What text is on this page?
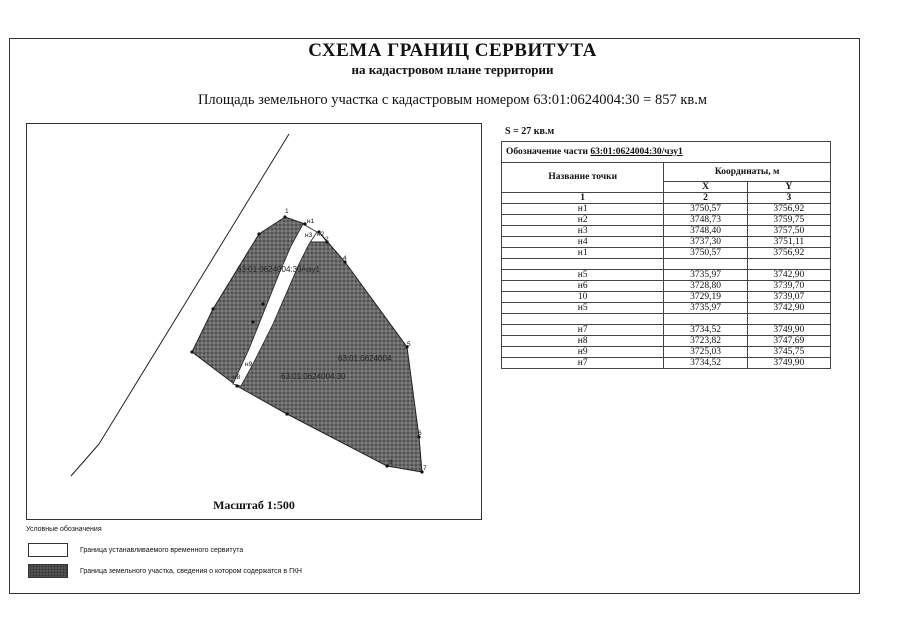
СХЕМА ГРАНИЦ СЕРВИТУТА
на кадастровом плане территории
Площадь земельного участка с кадастровым номером 63:01:0624004:30 = 857 кв.м
1
н1
н2
н3
2
4
5
6
7
8
н8
н9
63:01:0624004:30/чзу1
63:01:0624004
63:01:0624004:30
Масштаб 1:500
S = 27 кв.м
Обозначение части 63:01:0624004:30/чзу1		
Название точки	Координаты, м	
	X	Y
1	2	3
н1	3750,57	3756,92
н2	3748,73	3759,75
н3	3748,40	3757,50
н4	3737,30	3751,11
н1	3750,57	3756,92

н5	3735,97	3742,90
н6	3728,80	3739,70
10	3729,19	3739,07
н5	3735,97	3742,90

н7	3734,52	3749,90
н8	3723,82	3747,69
н9	3725,03	3745,75
н7	3734,52	3749,90
Условные обозначения
Граница устанавливаемого временного сервитута
Граница земельного участка, сведения о котором содержатся в ГКН
